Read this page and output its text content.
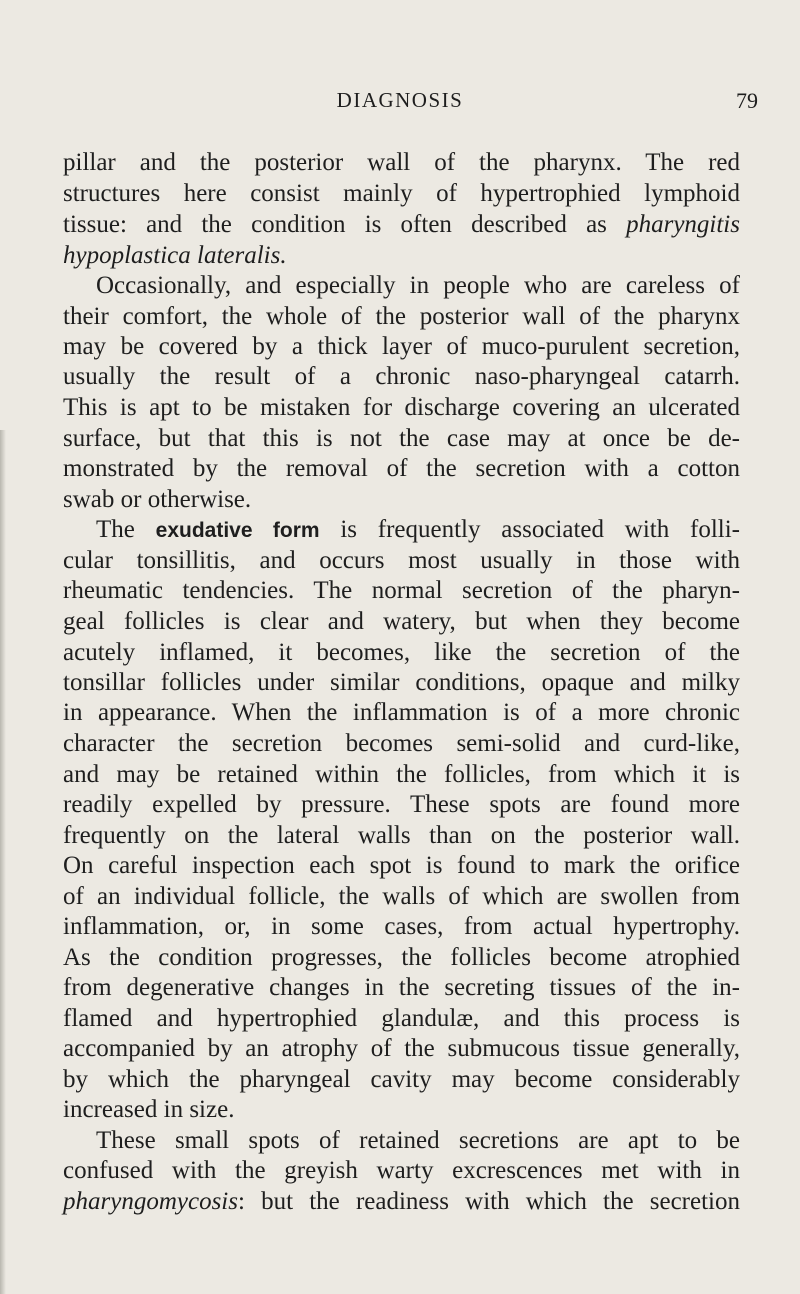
DIAGNOSIS	79
pillar and the posterior wall of the pharynx. The red
structures here consist mainly of hypertrophied lymphoid
tissue: and the condition is often described as pharyngitis
hypoplastica lateralis.
Occasionally, and especially in people who are careless of
their comfort, the whole of the posterior wall of the pharynx
may be covered by a thick layer of muco-purulent secretion,
usually the result of a chronic naso-pharyngeal catarrh.
This is apt to be mistaken for discharge covering an ulcerated
surface, but that this is not the case may at once be de-
monstrated by the removal of the secretion with a cotton
swab or otherwise.
The exudative form is frequently associated with folli-
cular tonsillitis, and occurs most usually in those with
rheumatic tendencies. The normal secretion of the pharyn-
geal follicles is clear and watery, but when they become
acutely inflamed, it becomes, like the secretion of the
tonsillar follicles under similar conditions, opaque and milky
in appearance. When the inflammation is of a more chronic
character the secretion becomes semi-solid and curd-like,
and may be retained within the follicles, from which it is
readily expelled by pressure. These spots are found more
frequently on the lateral walls than on the posterior wall.
On careful inspection each spot is found to mark the orifice
of an individual follicle, the walls of which are swollen from
inflammation, or, in some cases, from actual hypertrophy.
As the condition progresses, the follicles become atrophied
from degenerative changes in the secreting tissues of the in-
flamed and hypertrophied glandulæ, and this process is
accompanied by an atrophy of the submucous tissue generally,
by which the pharyngeal cavity may become considerably
increased in size.
These small spots of retained secretions are apt to be
confused with the greyish warty excrescences met with in
pharyngomycosis: but the readiness with which the secretion
